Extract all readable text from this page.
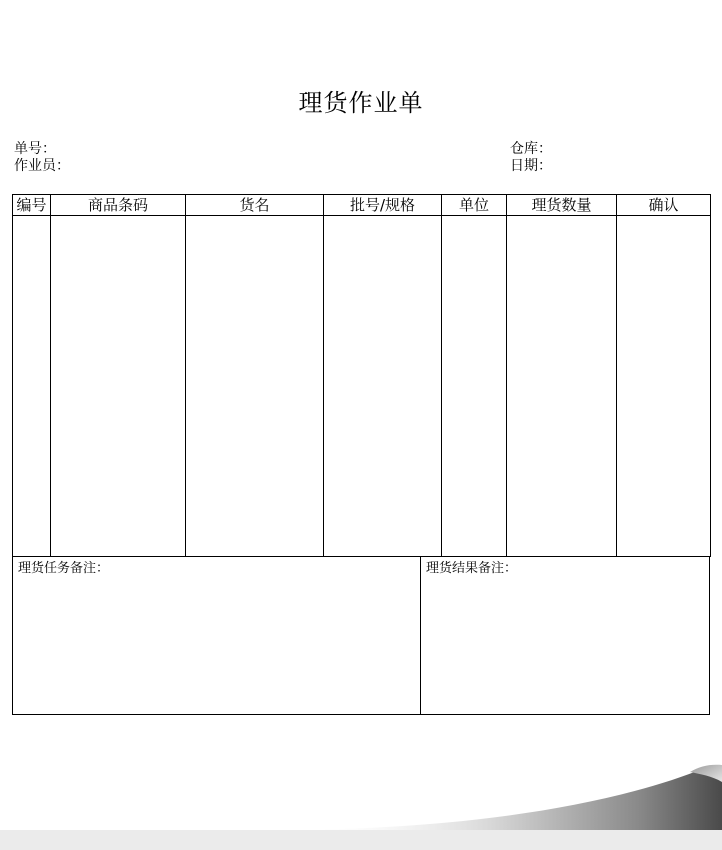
理货作业单
单号：
作业员：
仓库：
日期：
编号	商品条码	货名	批号/规格	单位	理货数量	确认

理货任务备注：	理货结果备注：
